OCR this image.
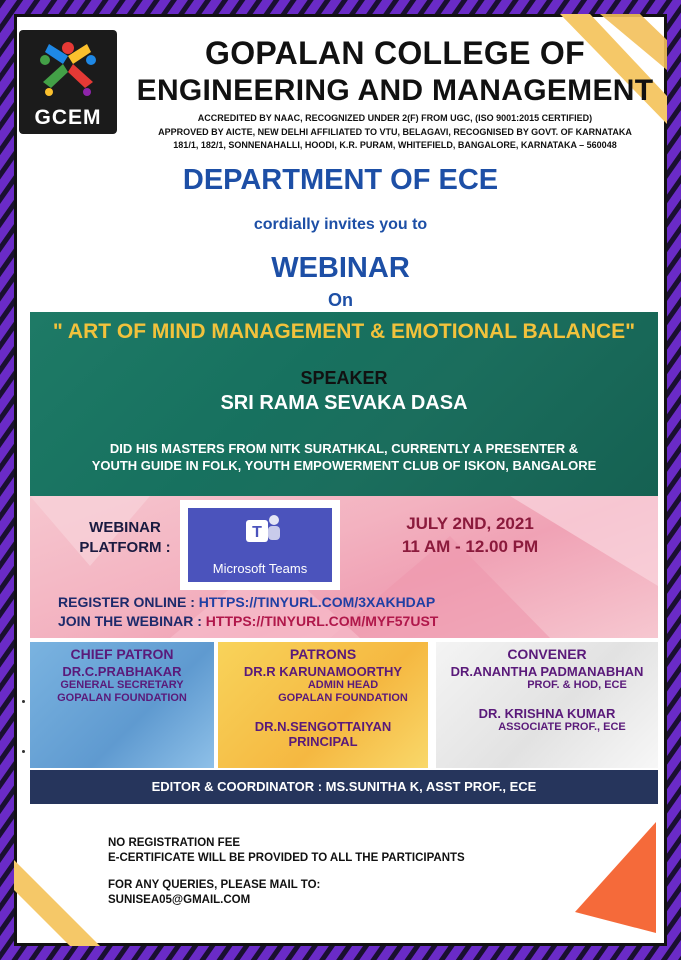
GCEM
GOPALAN COLLEGE OF
ENGINEERING AND MANAGEMENT
ACCREDITED BY NAAC, RECOGNIZED UNDER 2(F) FROM UGC, (ISO 9001:2015 CERTIFIED)
APPROVED BY AICTE, NEW DELHI AFFILIATED TO VTU, BELAGAVI, RECOGNISED BY GOVT. OF KARNATAKA
181/1, 182/1, SONNENAHALLI, HOODI, K.R. PURAM, WHITEFIELD, BANGALORE, KARNATAKA – 560048
DEPARTMENT OF ECE
cordially invites you to
WEBINAR
On
" ART OF MIND MANAGEMENT & EMOTIONAL BALANCE"
SPEAKER
SRI RAMA SEVAKA DASA
DID HIS MASTERS FROM NITK SURATHKAL, CURRENTLY A PRESENTER &
YOUTH GUIDE IN FOLK, YOUTH EMPOWERMENT CLUB OF ISKON, BANGALORE
WEBINAR
PLATFORM :
T
Microsoft Teams
JULY 2ND, 2021
11 AM - 12.00 PM
REGISTER ONLINE : HTTPS://TINYURL.COM/3XAKHDAP
JOIN THE WEBINAR : HTTPS://TINYURL.COM/MYF57UST
CHIEF PATRON
DR.C.PRABHAKAR
GENERAL SECRETARY
GOPALAN FOUNDATION
PATRONS
DR.R KARUNAMOORTHY
ADMIN HEAD
GOPALAN FOUNDATION
DR.N.SENGOTTAIYAN
PRINCIPAL
CONVENER
DR.ANANTHA PADMANABHAN
PROF. & HOD, ECE
DR. KRISHNA KUMAR
ASSOCIATE PROF., ECE
EDITOR & COORDINATOR : MS.SUNITHA K, ASST PROF., ECE
NO REGISTRATION FEE
E-CERTIFICATE WILL BE PROVIDED TO ALL THE PARTICIPANTS
FOR ANY QUERIES, PLEASE MAIL TO:
SUNISEA05@GMAIL.COM
